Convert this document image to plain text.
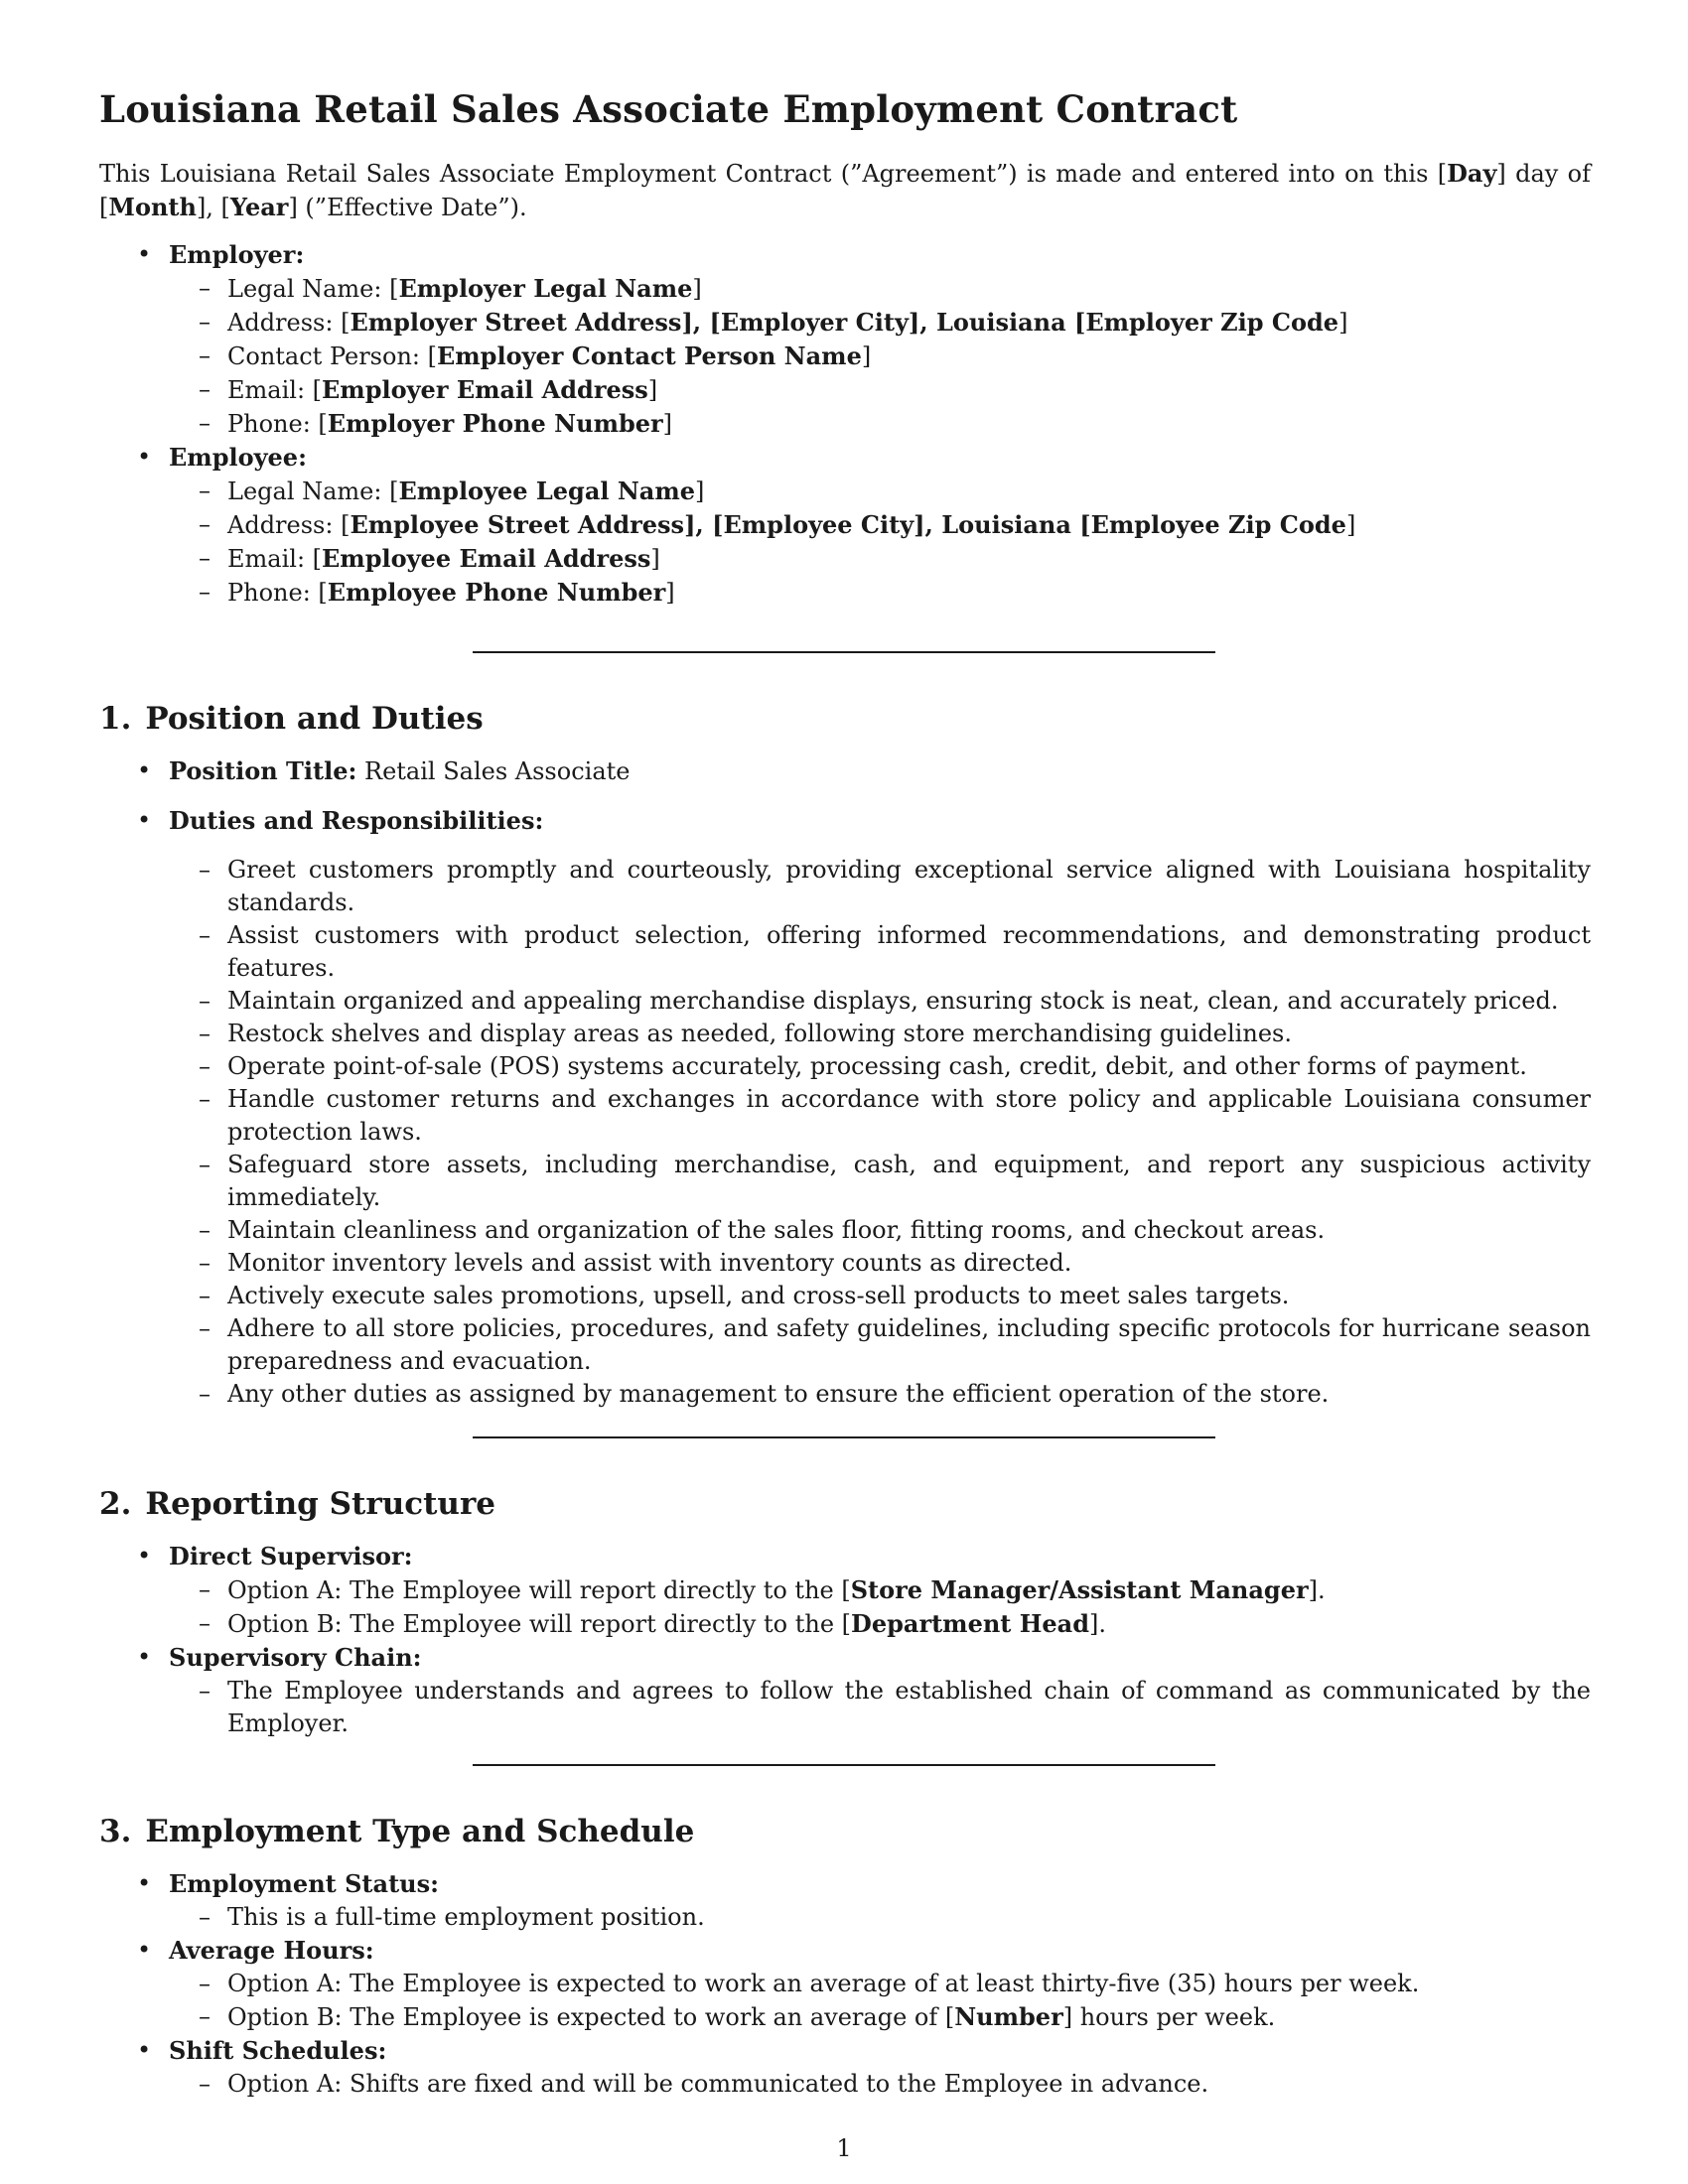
Louisiana Retail Sales Associate Employment Contract

This Louisiana Retail Sales Associate Employment Contract (”Agreement”) is made and entered into on this [Day] day of [Month], [Year] (”Effective Date”).

• Employer:
– Legal Name: [Employer Legal Name]
– Address: [Employer Street Address], [Employer City], Louisiana [Employer Zip Code]
– Contact Person: [Employer Contact Person Name]
– Email: [Employer Email Address]
– Phone: [Employer Phone Number]
• Employee:
– Legal Name: [Employee Legal Name]
– Address: [Employee Street Address], [Employee City], Louisiana [Employee Zip Code]
– Email: [Employee Email Address]
– Phone: [Employee Phone Number]
1. Position and Duties
• Position Title: Retail Sales Associate
• Duties and Responsibilities:
– Greet customers promptly and courteously, providing exceptional service aligned with Louisiana hospitality standards.
– Assist customers with product selection, offering informed recommendations, and demonstrating product features.
– Maintain organized and appealing merchandise displays, ensuring stock is neat, clean, and accurately priced.
– Restock shelves and display areas as needed, following store merchandising guidelines.
– Operate point-of-sale (POS) systems accurately, processing cash, credit, debit, and other forms of payment.
– Handle customer returns and exchanges in accordance with store policy and applicable Louisiana consumer protection laws.
– Safeguard store assets, including merchandise, cash, and equipment, and report any suspicious activity immediately.
– Maintain cleanliness and organization of the sales floor, fitting rooms, and checkout areas.
– Monitor inventory levels and assist with inventory counts as directed.
– Actively execute sales promotions, upsell, and cross-sell products to meet sales targets.
– Adhere to all store policies, procedures, and safety guidelines, including specific protocols for hurricane season preparedness and evacuation.
– Any other duties as assigned by management to ensure the efficient operation of the store.
2. Reporting Structure
• Direct Supervisor:
– Option A: The Employee will report directly to the [Store Manager/Assistant Manager].
– Option B: The Employee will report directly to the [Department Head].
• Supervisory Chain:
– The Employee understands and agrees to follow the established chain of command as communicated by the Employer.
3. Employment Type and Schedule
• Employment Status:
– This is a full-time employment position.
• Average Hours:
– Option A: The Employee is expected to work an average of at least thirty-five (35) hours per week.
– Option B: The Employee is expected to work an average of [Number] hours per week.
• Shift Schedules:
– Option A: Shifts are fixed and will be communicated to the Employee in advance.
1
